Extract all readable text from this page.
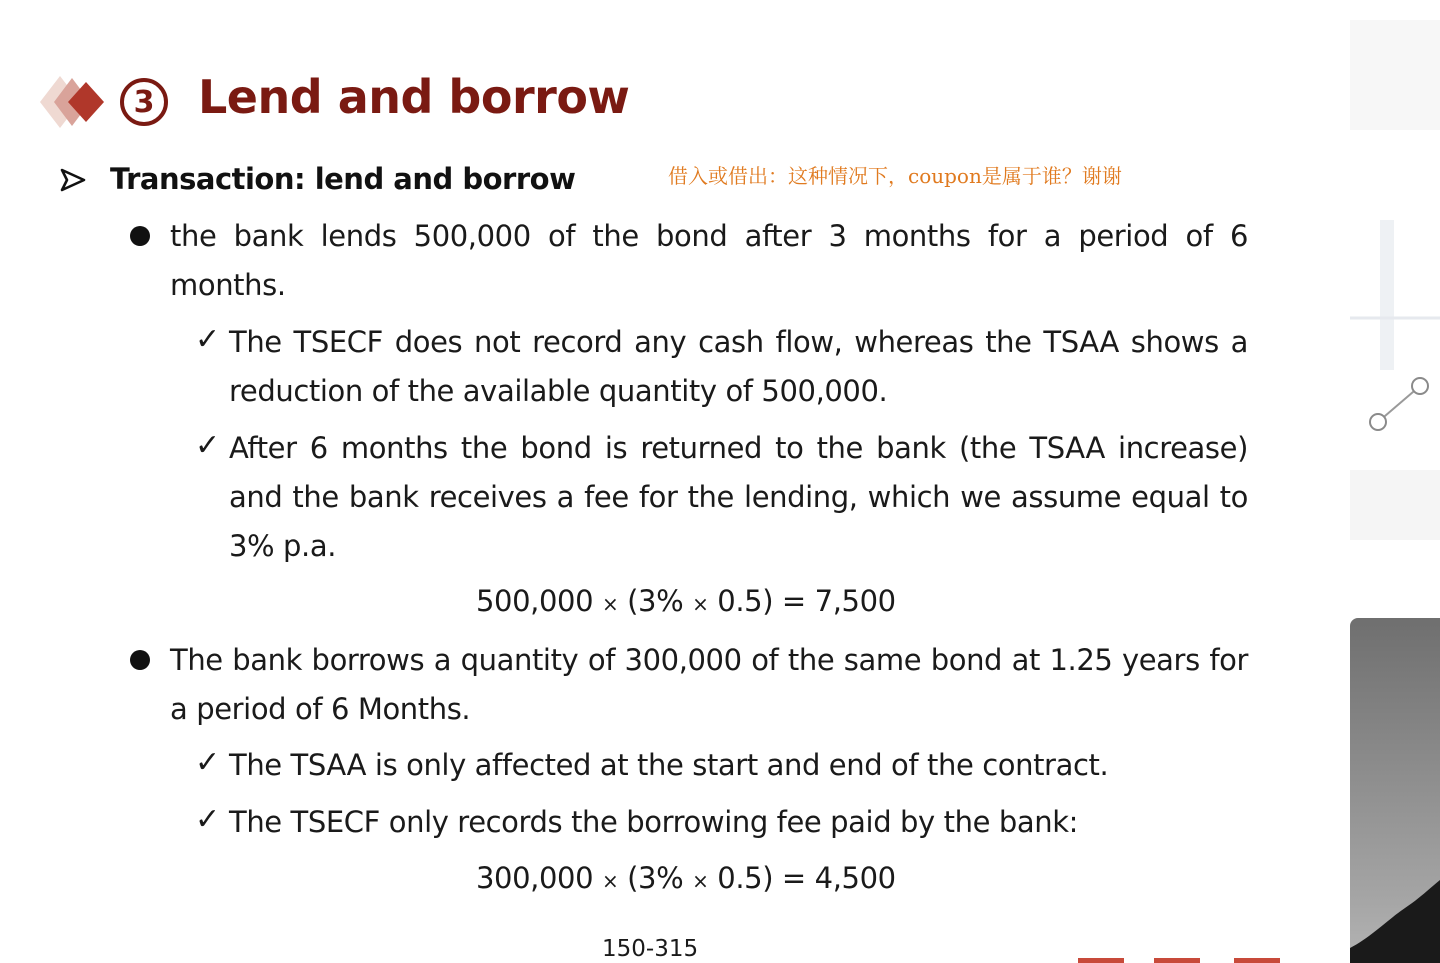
3 Lend and borrow
Transaction: lend and borrow	借入或借出：这种情况下，coupon是属于谁？谢谢
the bank lends 500,000 of the bond after 3 months for a period of 6 months.
✓ The TSECF does not record any cash flow, whereas the TSAA shows a reduction of the available quantity of 500,000.
✓ After 6 months the bond is returned to the bank (the TSAA increase) and the bank receives a fee for the lending, which we assume equal to 3% p.a.
500,000 × (3% × 0.5) = 7,500
The bank borrows a quantity of 300,000 of the same bond at 1.25 years for a period of 6 Months.
✓ The TSAA is only affected at the start and end of the contract.
✓ The TSECF only records the borrowing fee paid by the bank:
300,000 × (3% × 0.5) = 4,500
150-315
